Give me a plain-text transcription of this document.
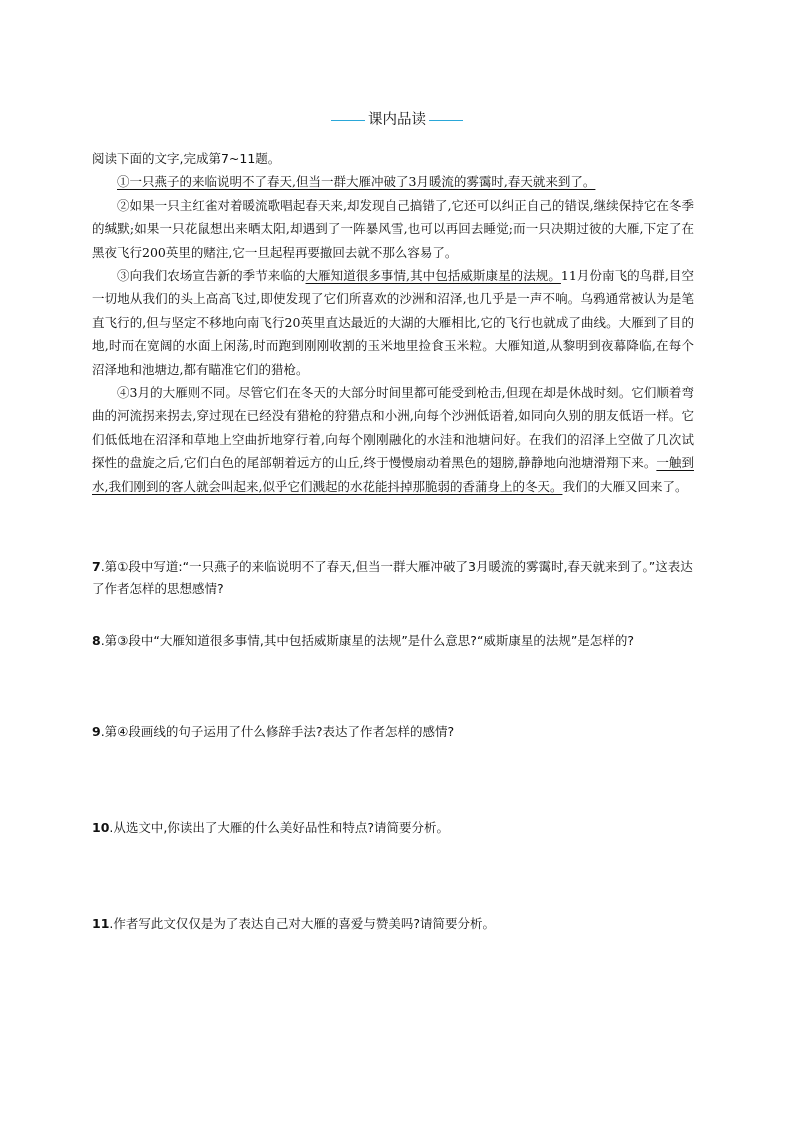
课内品读

阅读下面的文字,完成第7~11题。

①一只燕子的来临说明不了春天,但当一群大雁冲破了3月暖流的雾霭时,春天就来到了。

②如果一只主红雀对着暖流歌唱起春天来,却发现自己搞错了,它还可以纠正自己的错误,继续保持它在冬季的缄默;如果一只花鼠想出来晒太阳,却遇到了一阵暴风雪,也可以再回去睡觉;而一只决期过彼的大雁,下定了在黑夜飞行200英里的赌注,它一旦起程再要撤回去就不那么容易了。

③向我们农场宣告新的季节来临的大雁知道很多事情,其中包括威斯康星的法规。11月份南飞的鸟群,目空一切地从我们的头上高高飞过,即使发现了它们所喜欢的沙洲和沼泽,也几乎是一声不响。乌鸦通常被认为是笔直飞行的,但与坚定不移地向南飞行20英里直达最近的大湖的大雁相比,它的飞行也就成了曲线。大雁到了目的地,时而在宽阔的水面上闲荡,时而跑到刚刚收割的玉米地里捡食玉米粒。大雁知道,从黎明到夜幕降临,在每个沼泽地和池塘边,都有瞄准它们的猎枪。

④3月的大雁则不同。尽管它们在冬天的大部分时间里都可能受到枪击,但现在却是休战时刻。它们顺着弯曲的河流拐来拐去,穿过现在已经没有猎枪的狩猎点和小洲,向每个沙洲低语着,如同向久别的朋友低语一样。它们低低地在沼泽和草地上空曲折地穿行着,向每个刚刚融化的水洼和池塘问好。在我们的沼泽上空做了几次试探性的盘旋之后,它们白色的尾部朝着远方的山丘,终于慢慢扇动着黑色的翅膀,静静地向池塘滑翔下来。一触到水,我们刚到的客人就会叫起来,似乎它们溅起的水花能抖掉那脆弱的香蒲身上的冬天。我们的大雁又回来了。

7.第①段中写道:“一只燕子的来临说明不了春天,但当一群大雁冲破了3月暖流的雾霭时,春天就来到了。”这表达了作者怎样的思想感情?
8.第③段中“大雁知道很多事情,其中包括威斯康星的法规”是什么意思?“威斯康星的法规”是怎样的?
9.第④段画线的句子运用了什么修辞手法?表达了作者怎样的感情?
10.从选文中,你读出了大雁的什么美好品性和特点?请简要分析。
11.作者写此文仅仅是为了表达自己对大雁的喜爱与赞美吗?请简要分析。
